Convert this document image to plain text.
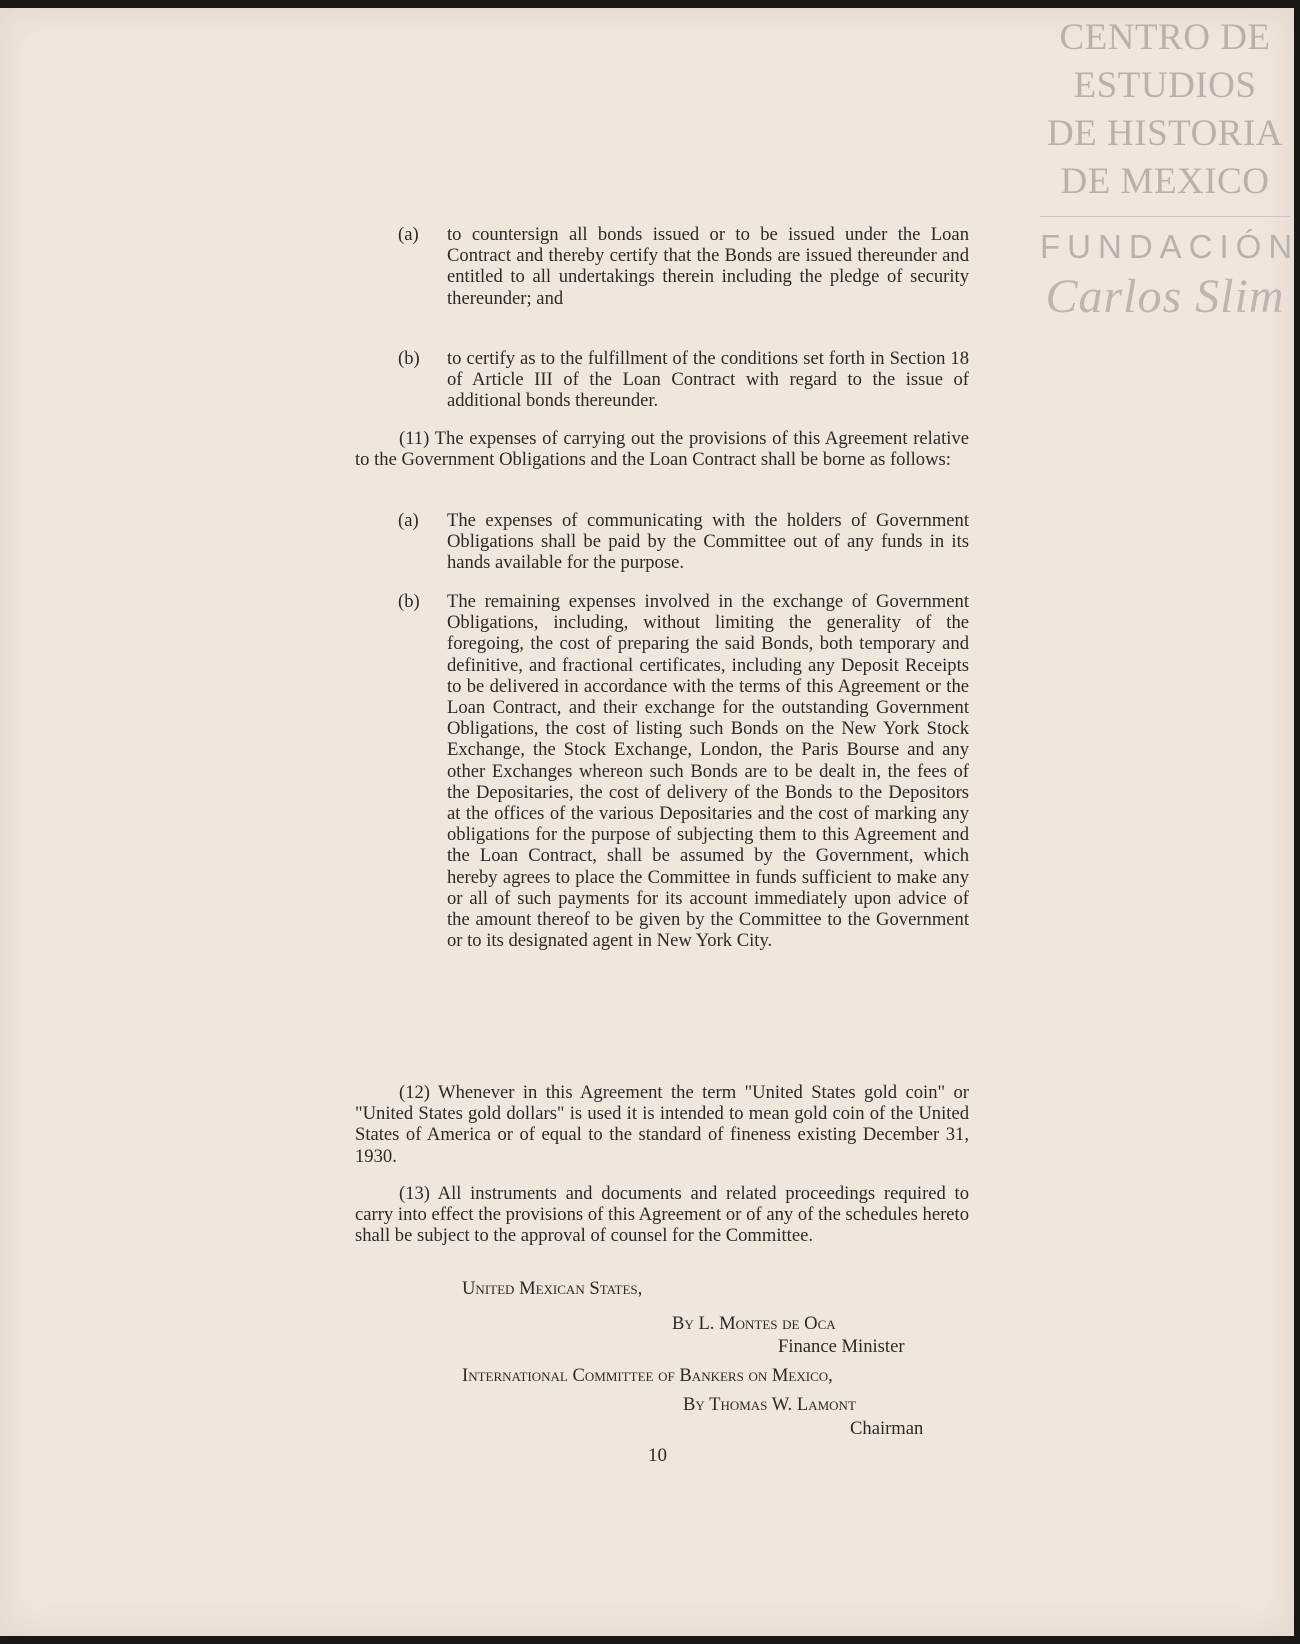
CENTRO DE
ESTUDIOS
DE HISTORIA
DE MEXICO
FUNDACIÓN
Carlos Slim
(a) to countersign all bonds issued or to be issued under the Loan Contract and thereby certify that the Bonds are issued thereunder and entitled to all undertakings therein including the pledge of security thereunder; and
(b) to certify as to the fulfillment of the conditions set forth in Section 18 of Article III of the Loan Contract with regard to the issue of additional bonds thereunder.
(11) The expenses of carrying out the provisions of this Agreement relative to the Government Obligations and the Loan Contract shall be borne as follows:
(a) The expenses of communicating with the holders of Government Obligations shall be paid by the Committee out of any funds in its hands available for the purpose.
(b) The remaining expenses involved in the exchange of Government Obligations, including, without limiting the generality of the foregoing, the cost of preparing the said Bonds, both temporary and definitive, and fractional certificates, including any Deposit Receipts to be delivered in accordance with the terms of this Agreement or the Loan Contract, and their exchange for the outstanding Government Obligations, the cost of listing such Bonds on the New York Stock Exchange, the Stock Exchange, London, the Paris Bourse and any other Exchanges whereon such Bonds are to be dealt in, the fees of the Depositaries, the cost of delivery of the Bonds to the Depositors at the offices of the various Depositaries and the cost of marking any obligations for the purpose of subjecting them to this Agreement and the Loan Contract, shall be assumed by the Government, which hereby agrees to place the Committee in funds sufficient to make any or all of such payments for its account immediately upon advice of the amount thereof to be given by the Committee to the Government or to its designated agent in New York City.
(12) Whenever in this Agreement the term "United States gold coin" or "United States gold dollars" is used it is intended to mean gold coin of the United States of America or of equal to the standard of fineness existing December 31, 1930.
(13) All instruments and documents and related proceedings required to carry into effect the provisions of this Agreement or of any of the schedules hereto shall be subject to the approval of counsel for the Committee.
United Mexican States,
By L. Montes de Oca
Finance Minister
International Committee of Bankers on Mexico,
By Thomas W. Lamont
Chairman
10
